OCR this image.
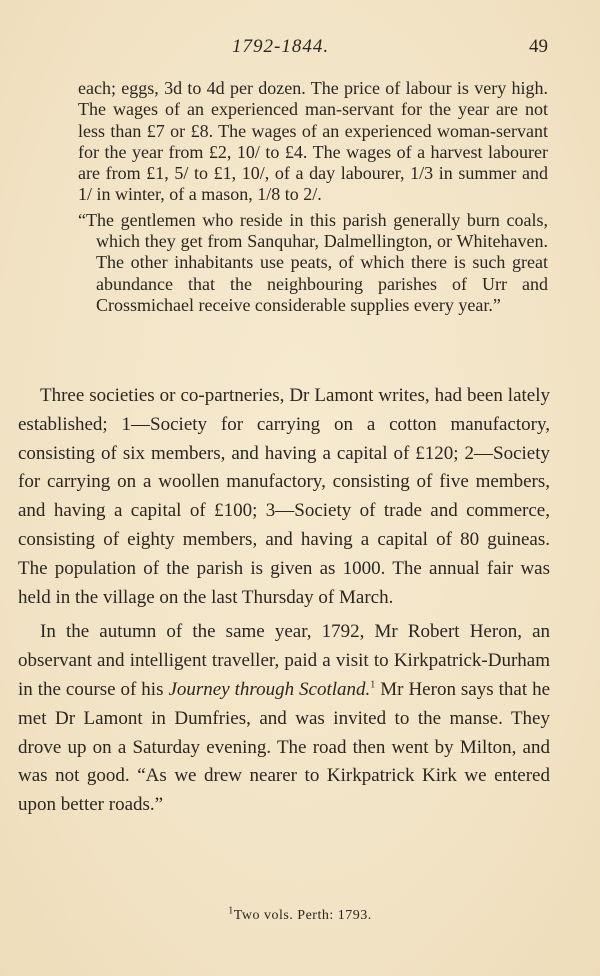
1792-1844.	49

each; eggs, 3d to 4d per dozen. The price of labour is very high. The wages of an experienced man-servant for the year are not less than £7 or £8. The wages of an experienced woman-servant for the year from £2, 10/ to £4. The wages of a harvest labourer are from £1, 5/ to £1, 10/, of a day labourer, 1/3 in summer and 1/ in winter, of a mason, 1/8 to 2/.

“The gentlemen who reside in this parish generally burn coals, which they get from Sanquhar, Dalmellington, or Whitehaven. The other inhabitants use peats, of which there is such great abundance that the neighbouring parishes of Urr and Crossmichael receive considerable supplies every year.”

Three societies or co-partneries, Dr Lamont writes, had been lately established; 1—Society for carrying on a cotton manufactory, consisting of six members, and having a capital of £120; 2—Society for carrying on a woollen manufactory, consisting of five members, and having a capital of £100; 3—Society of trade and commerce, consisting of eighty members, and having a capital of 80 guineas. The population of the parish is given as 1000. The annual fair was held in the village on the last Thursday of March.

In the autumn of the same year, 1792, Mr Robert Heron, an observant and intelligent traveller, paid a visit to Kirkpatrick-Durham in the course of his Journey through Scotland.$^1$ Mr Heron says that he met Dr Lamont in Dumfries, and was invited to the manse. They drove up on a Saturday evening. The road then went by Milton, and was not good. “As we drew nearer to Kirkpatrick Kirk we entered upon better roads.”

$^1$Two vols. Perth: 1793.
